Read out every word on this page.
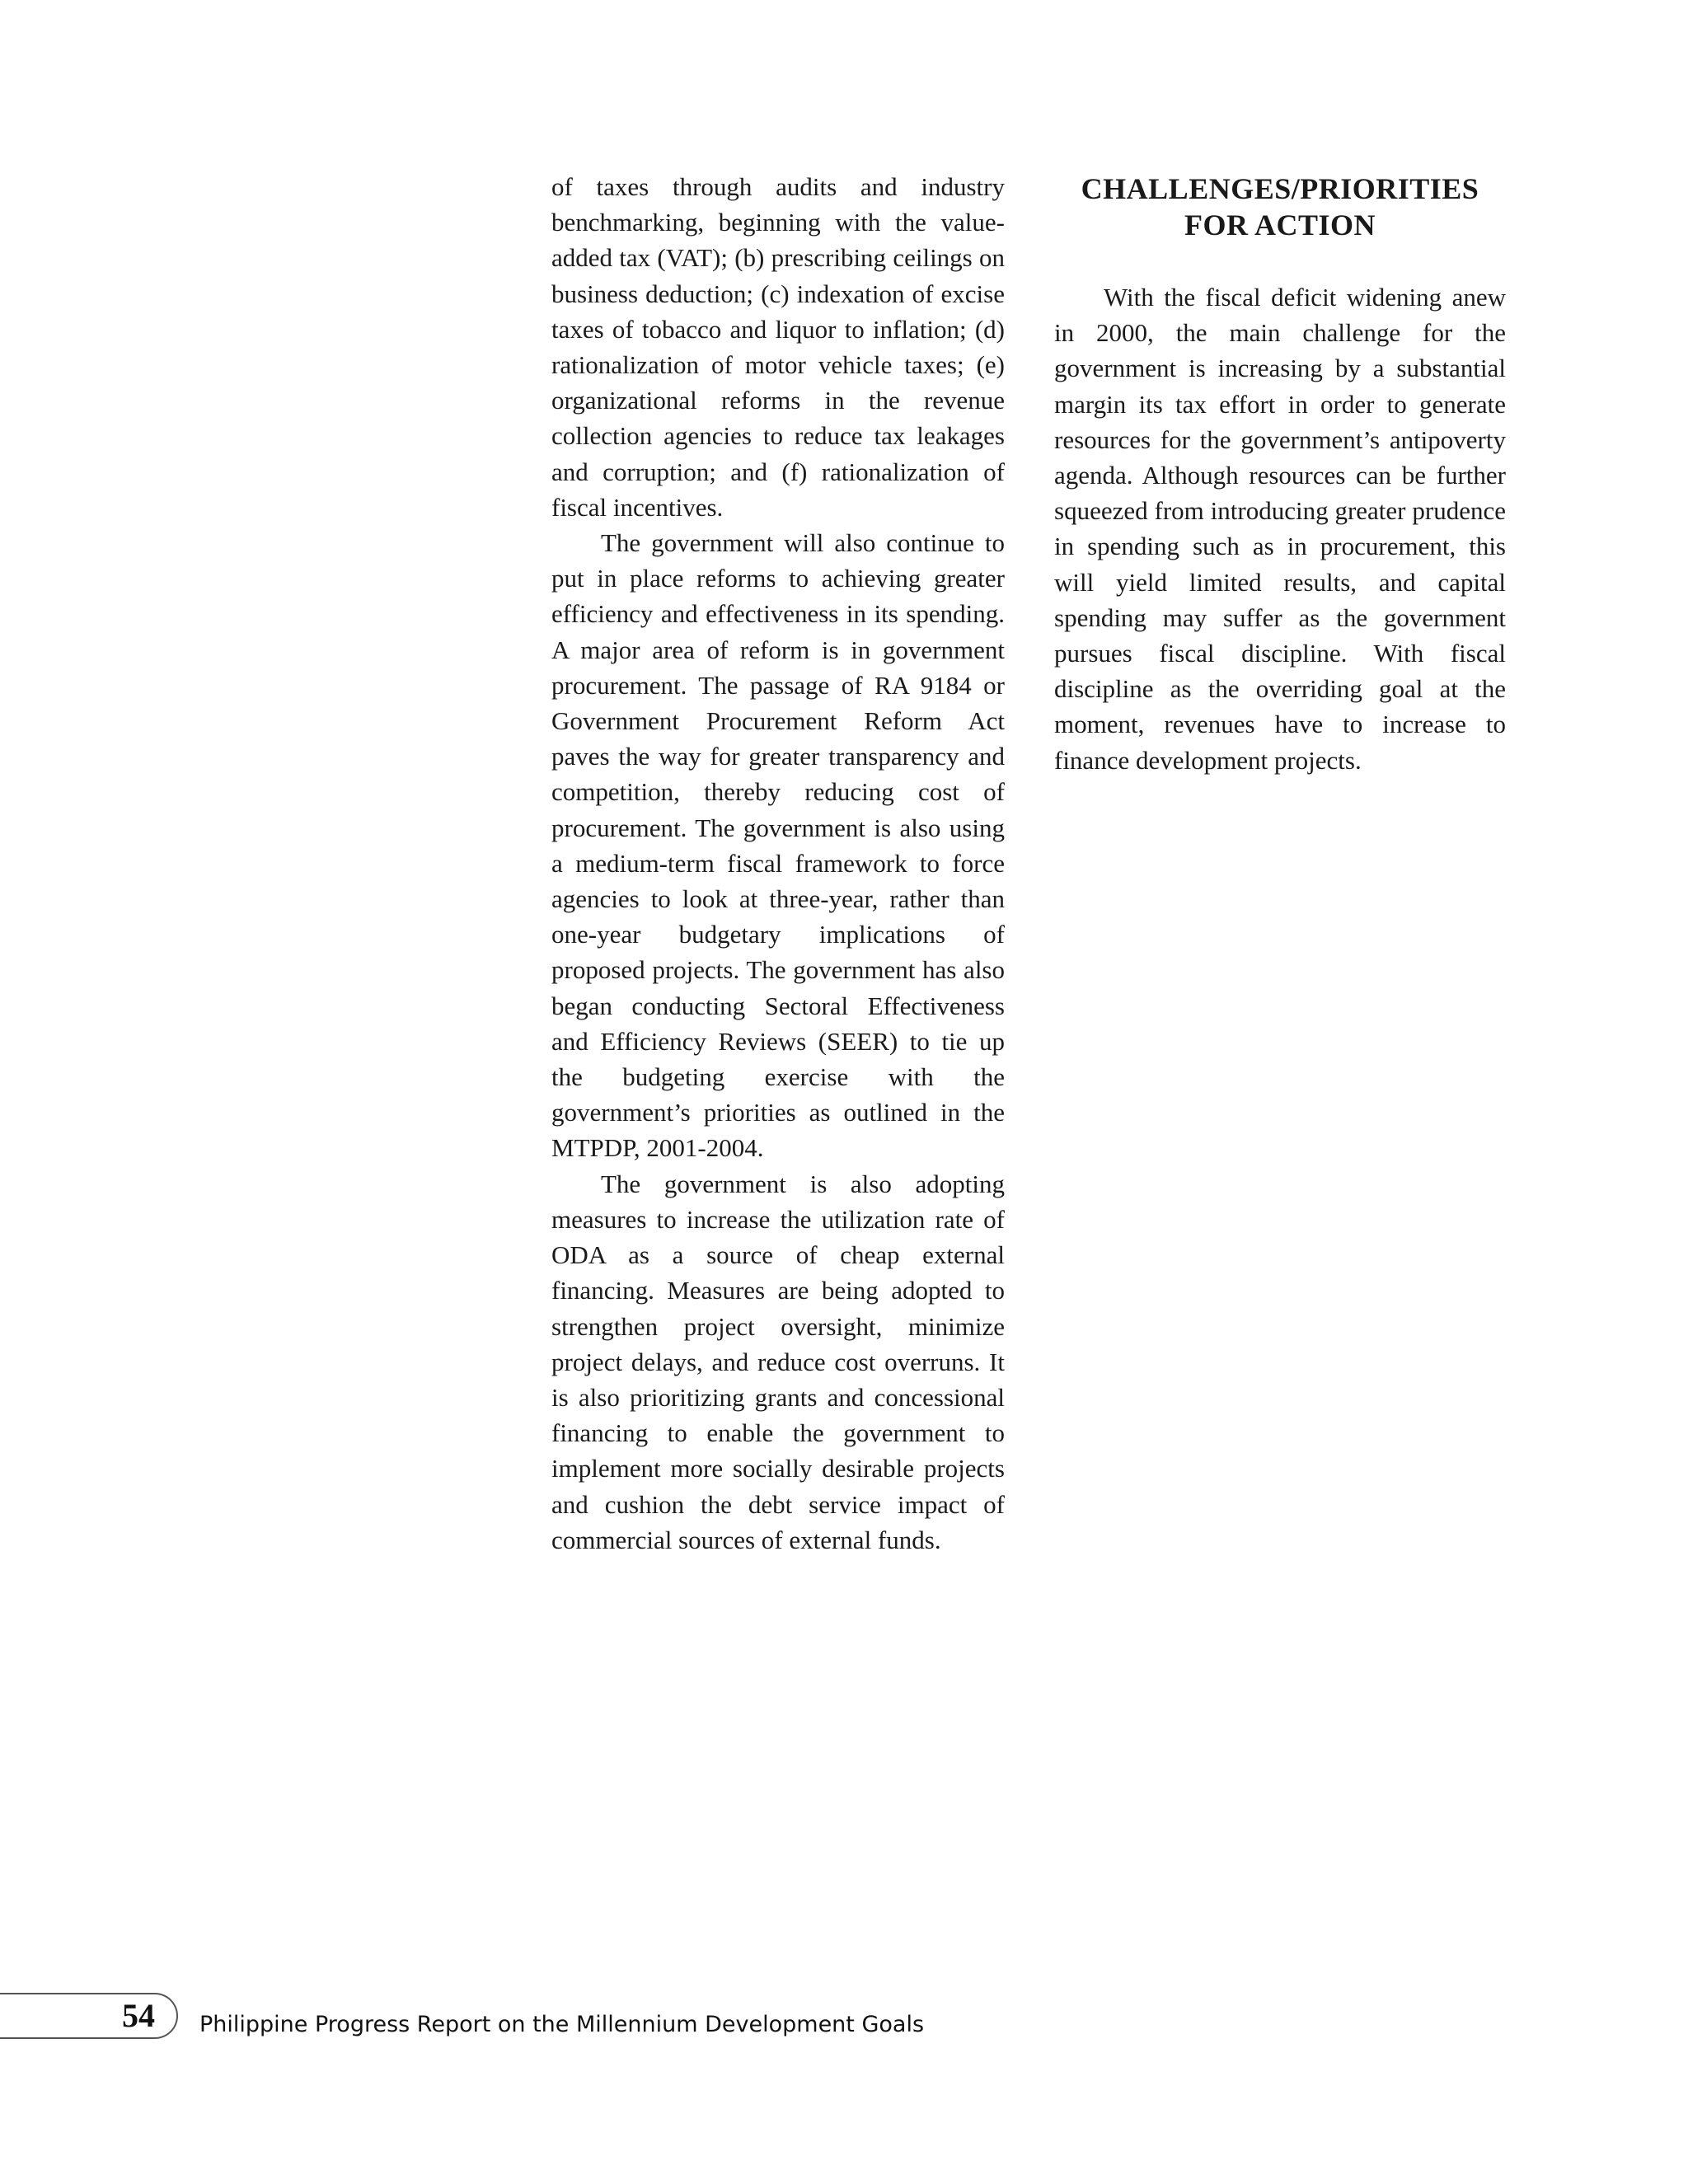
of taxes through audits and industry benchmarking, beginning with the value-added tax (VAT); (b) prescribing ceilings on business deduction; (c) indexation of excise taxes of tobacco and liquor to inflation; (d) rationalization of motor vehicle taxes; (e) organizational reforms in the revenue collection agencies to reduce tax leakages and corruption; and (f) rationalization of fiscal incentives.

The government will also continue to put in place reforms to achieving greater efficiency and effectiveness in its spending. A major area of reform is in government procurement. The passage of RA 9184 or Government Procurement Reform Act paves the way for greater transparency and competition, thereby reducing cost of procurement. The government is also using a medium-term fiscal framework to force agencies to look at three-year, rather than one-year budgetary implications of proposed projects. The government has also began conducting Sectoral Effectiveness and Efficiency Reviews (SEER) to tie up the budgeting exercise with the government’s priorities as outlined in the MTPDP, 2001-2004.

The government is also adopting measures to increase the utilization rate of ODA as a source of cheap external financing. Measures are being adopted to strengthen project oversight, minimize project delays, and reduce cost overruns. It is also prioritizing grants and concessional financing to enable the government to implement more socially desirable projects and cushion the debt service impact of commercial sources of external funds.

CHALLENGES/PRIORITIES
FOR ACTION

With the fiscal deficit widening anew in 2000, the main challenge for the government is increasing by a substantial margin its tax effort in order to generate resources for the government’s antipoverty agenda. Although resources can be further squeezed from introducing greater prudence in spending such as in procurement, this will yield limited results, and capital spending may suffer as the government pursues fiscal discipline. With fiscal discipline as the overriding goal at the moment, revenues have to increase to finance development projects.

54 Philippine Progress Report on the Millennium Development Goals
